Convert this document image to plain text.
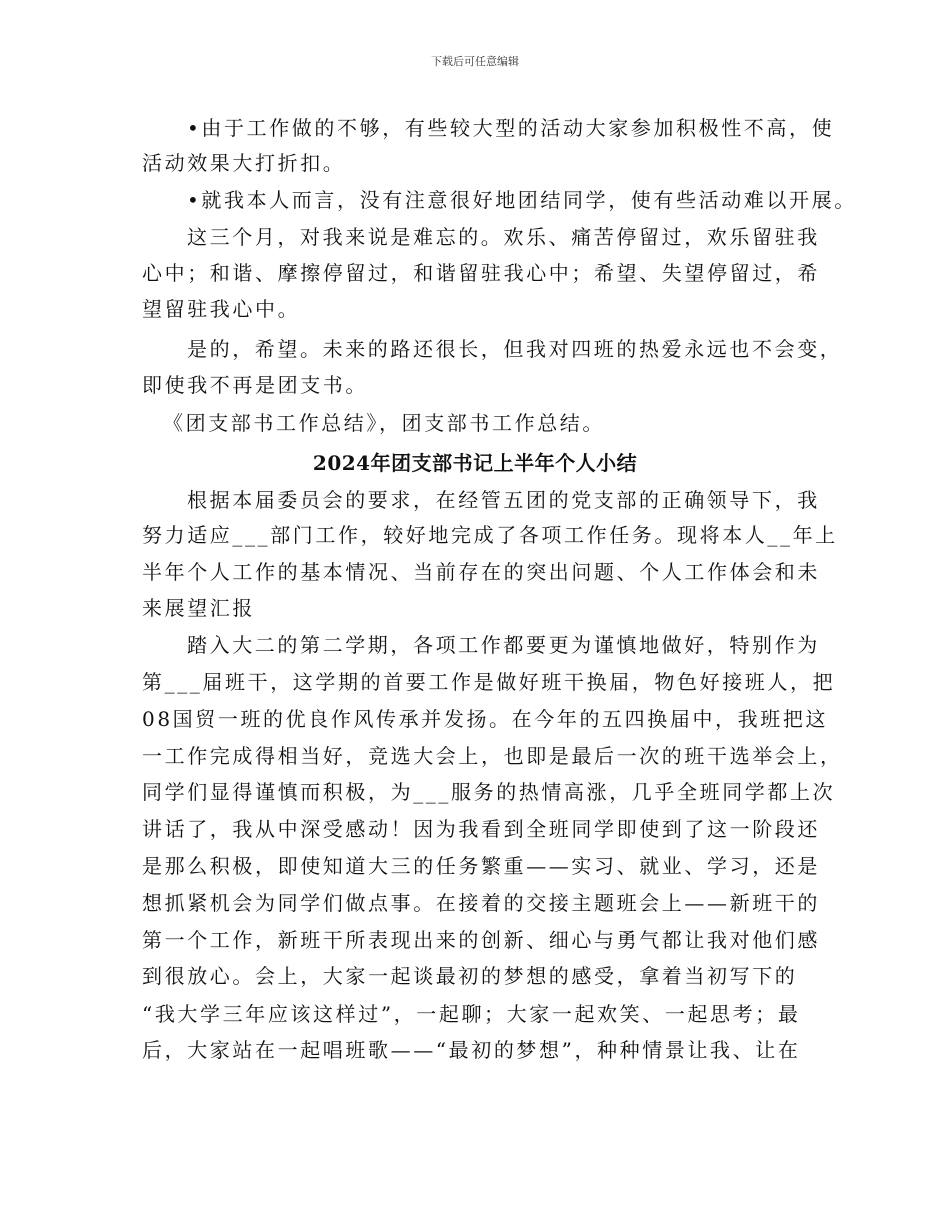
下载后可任意编辑
•由于工作做的不够，有些较大型的活动大家参加积极性不高，使
活动效果大打折扣。
•就我本人而言，没有注意很好地团结同学，使有些活动难以开展。
这三个月，对我来说是难忘的。欢乐、痛苦停留过，欢乐留驻我
心中；和谐、摩擦停留过，和谐留驻我心中；希望、失望停留过，希
望留驻我心中。
是的，希望。未来的路还很长，但我对四班的热爱永远也不会变，
即使我不再是团支书。
《团支部书工作总结》，团支部书工作总结。
2024年团支部书记上半年个人小结
根据本届委员会的要求，在经管五团的党支部的正确领导下，我
努力适应___部门工作，较好地完成了各项工作任务。现将本人__年上
半年个人工作的基本情况、当前存在的突出问题、个人工作体会和未
来展望汇报
踏入大二的第二学期，各项工作都要更为谨慎地做好，特别作为
第___届班干，这学期的首要工作是做好班干换届，物色好接班人，把
08国贸一班的优良作风传承并发扬。在今年的五四换届中，我班把这
一工作完成得相当好，竞选大会上，也即是最后一次的班干选举会上，
同学们显得谨慎而积极，为___服务的热情高涨，几乎全班同学都上次
讲话了，我从中深受感动！因为我看到全班同学即使到了这一阶段还
是那么积极，即使知道大三的任务繁重——实习、就业、学习，还是
想抓紧机会为同学们做点事。在接着的交接主题班会上——新班干的
第一个工作，新班干所表现出来的创新、细心与勇气都让我对他们感
到很放心。会上，大家一起谈最初的梦想的感受，拿着当初写下的
“我大学三年应该这样过”，一起聊；大家一起欢笑、一起思考；最
后，大家站在一起唱班歌——“最初的梦想”，种种情景让我、让在
